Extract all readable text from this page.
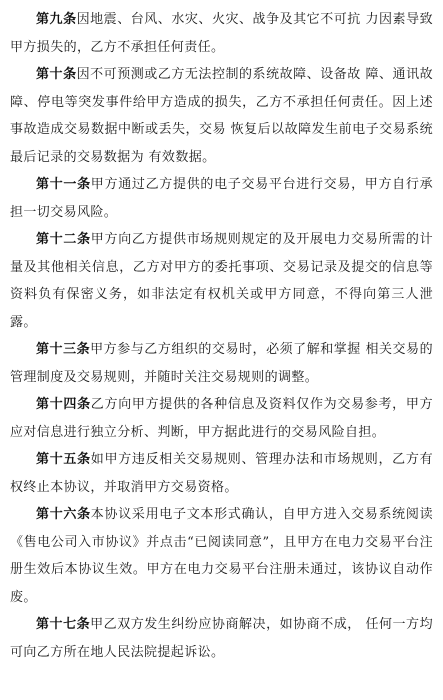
第九条因地震、台风、水灾、火灾、战争及其它不可抗 力因素导致甲方损失的，乙方不承担任何责任。

第十条因不可预测或乙方无法控制的系统故障、设备故 障、通讯故障、停电等突发事件给甲方造成的损失，乙方不承担任何责任。因上述事故造成交易数据中断或丢失，交易 恢复后以故障发生前电子交易系统最后记录的交易数据为 有效数据。

第十一条甲方通过乙方提供的电子交易平台进行交易，甲方自行承担一切交易风险。

第十二条甲方向乙方提供市场规则规定的及开展电力交易所需的计量及其他相关信息，乙方对甲方的委托事项、交易记录及提交的信息等资料负有保密义务，如非法定有权机关或甲方同意，不得向第三人泄露。

第十三条甲方参与乙方组织的交易时，必须了解和掌握 相关交易的管理制度及交易规则，并随时关注交易规则的调整。

第十四条乙方向甲方提供的各种信息及资料仅作为交易参考，甲方应对信息进行独立分析、判断，甲方据此进行的交易风险自担。

第十五条如甲方违反相关交易规则、管理办法和市场规则，乙方有权终止本协议，并取消甲方交易资格。

第十六条本协议采用电子文本形式确认，自甲方进入交易系统阅读《售电公司入市协议》并点击“已阅读同意”，且甲方在电力交易平台注册生效后本协议生效。甲方在电力交易平台注册未通过，该协议自动作废。

第十七条甲乙双方发生纠纷应协商解决，如协商不成， 任何一方均可向乙方所在地人民法院提起诉讼。
